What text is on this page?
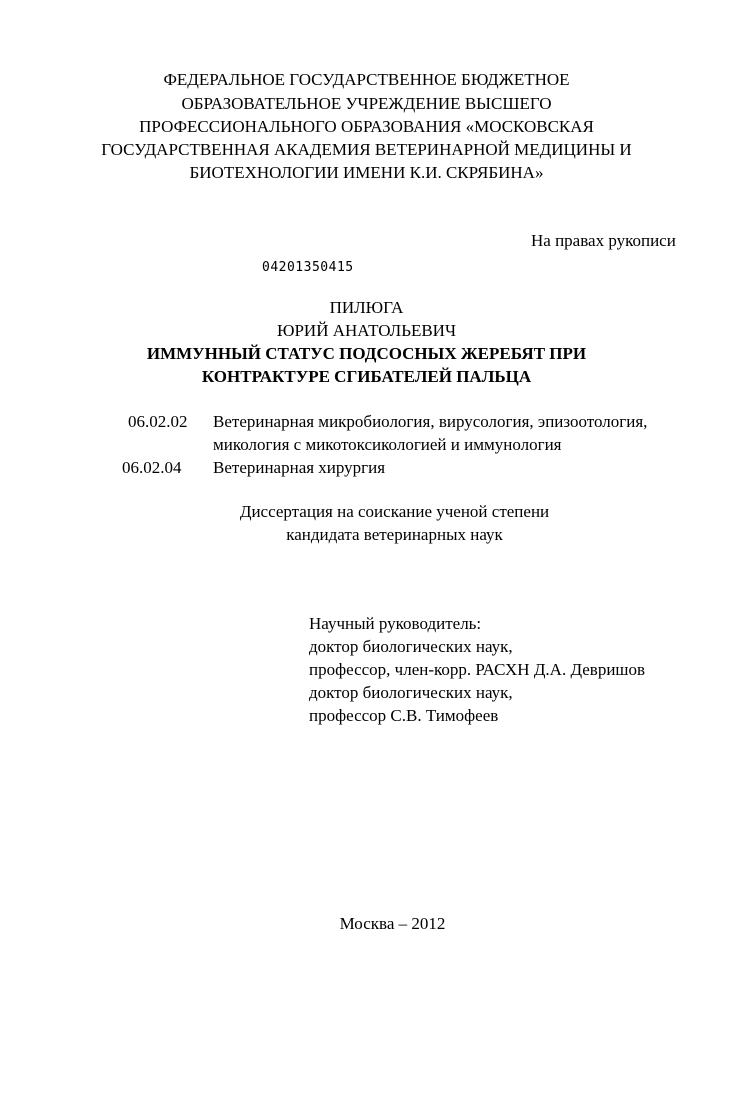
ФЕДЕРАЛЬНОЕ ГОСУДАРСТВЕННОЕ БЮДЖЕТНОЕ
ОБРАЗОВАТЕЛЬНОЕ УЧРЕЖДЕНИЕ ВЫСШЕГО
ПРОФЕССИОНАЛЬНОГО ОБРАЗОВАНИЯ «МОСКОВСКАЯ
ГОСУДАРСТВЕННАЯ АКАДЕМИЯ ВЕТЕРИНАРНОЙ МЕДИЦИНЫ И
БИОТЕХНОЛОГИИ ИМЕНИ К.И. СКРЯБИНА»
На правах рукописи
04201350415
ПИЛЮГА
ЮРИЙ АНАТОЛЬЕВИЧ
ИММУННЫЙ СТАТУС ПОДСОСНЫХ ЖЕРЕБЯТ ПРИ
КОНТРАКТУРЕ СГИБАТЕЛЕЙ ПАЛЬЦА
06.02.02 Ветеринарная микробиология, вирусология, эпизоотология,
микология с микотоксикологией и иммунология
06.02.04 Ветеринарная хирургия
Диссертация на соискание ученой степени
кандидата ветеринарных наук
Научный руководитель:
доктор биологических наук,
профессор, член-корр. РАСХН Д.А. Девришов
доктор биологических наук,
профессор С.В. Тимофеев
Москва – 2012
